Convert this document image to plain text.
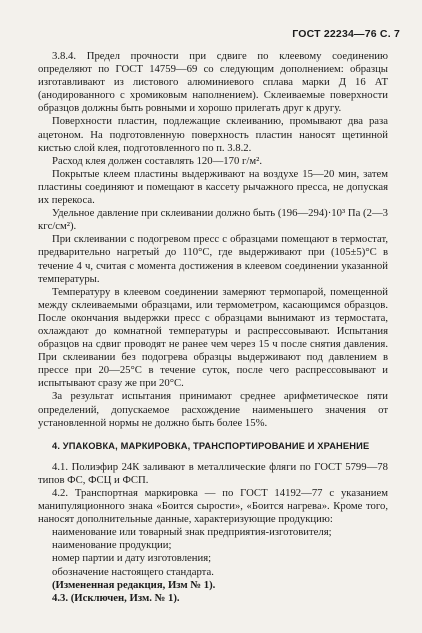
ГОСТ 22234—76 С. 7

3.8.4. Предел прочности при сдвиге по клеевому соединению определяют по ГОСТ 14759—69 со следующим дополнением: образцы изготавливают из листового алюминиевого сплава марки Д 16 АТ (анодированного с хромиковым наполнением). Склеиваемые поверхности образцов должны быть ровными и хорошо прилегать друг к другу.

Поверхности пластин, подлежащие склеиванию, промывают два раза ацетоном. На подготовленную поверхность пластин наносят щетинной кистью слой клея, подготовленного по п. 3.8.2.

Расход клея должен составлять 120—170 г/м².

Покрытые клеем пластины выдерживают на воздухе 15—20 мин, затем пластины соединяют и помещают в кассету рычажного пресса, не допуская их перекоса.

Удельное давление при склеивании должно быть (196—294)·10³ Па (2—3 кгс/см²).

При склеивании с подогревом пресс с образцами помещают в термостат, предварительно нагретый до 110°С, где выдерживают при (105±5)°С в течение 4 ч, считая с момента достижения в клеевом соединении указанной температуры.

Температуру в клеевом соединении замеряют термопарой, помещенной между склеиваемыми образцами, или термометром, касающимся образцов. После окончания выдержки пресс с образцами вынимают из термостата, охлаждают до комнатной температуры и распрессовывают. Испытания образцов на сдвиг проводят не ранее чем через 15 ч после снятия давления. При склеивании без подогрева образцы выдерживают под давлением в прессе при 20—25°С в течение суток, после чего распрессовывают и испытывают сразу же при 20°С.

За результат испытания принимают среднее арифметическое пяти определений, допускаемое расхождение наименьшего значения от установленной нормы не должно быть более 15%.

4. УПАКОВКА, МАРКИРОВКА, ТРАНСПОРТИРОВАНИЕ И ХРАНЕНИЕ

4.1. Полиэфир 24К заливают в металлические фляги по ГОСТ 5799—78 типов ФС, ФСЦ и ФСП.

4.2. Транспортная маркировка — по ГОСТ 14192—77 с указанием манипуляционного знака «Боится сырости», «Боится нагрева». Кроме того, наносят дополнительные данные, характеризующие продукцию:

наименование или товарный знак предприятия-изготовителя;

наименование продукции;

номер партии и дату изготовления;

обозначение настоящего стандарта.

(Измененная редакция, Изм № 1).

4.3. (Исключен, Изм. № 1).
